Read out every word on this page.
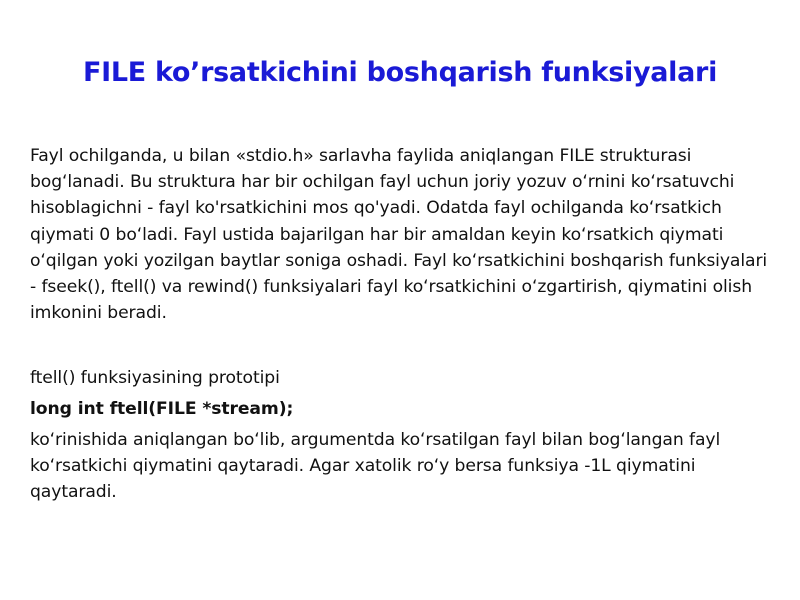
FILE ko’rsatkichini boshqarish funksiyalari

Fayl ochilganda, u bilan «stdio.h» sarlavha faylida aniqlangan FILE strukturasi bogʻlanadi. Bu struktura har bir ochilgan fayl uchun joriy yozuv oʻrnini koʻrsatuvchi hisoblagichni - fayl ko'rsatkichini mos qo'yadi. Odatda fayl ochilganda koʻrsatkich qiymati 0 boʻladi. Fayl ustida bajarilgan har bir amaldan keyin koʻrsatkich qiymati oʻqilgan yoki yozilgan baytlar soniga oshadi. Fayl koʻrsatkichini boshqarish funksiyalari - fseek(), ftell() va rewind() funksiyalari fayl koʻrsatkichini oʻzgartirish, qiymatini olish imkonini beradi.

ftell() funksiyasining prototipi

long int ftell(FILE *stream);

koʻrinishida aniqlangan boʻlib, argumentda koʻrsatilgan fayl bilan bogʻlangan fayl koʻrsatkichi qiymatini qaytaradi. Agar xatolik roʻy bersa funksiya -1L qiymatini qaytaradi.
